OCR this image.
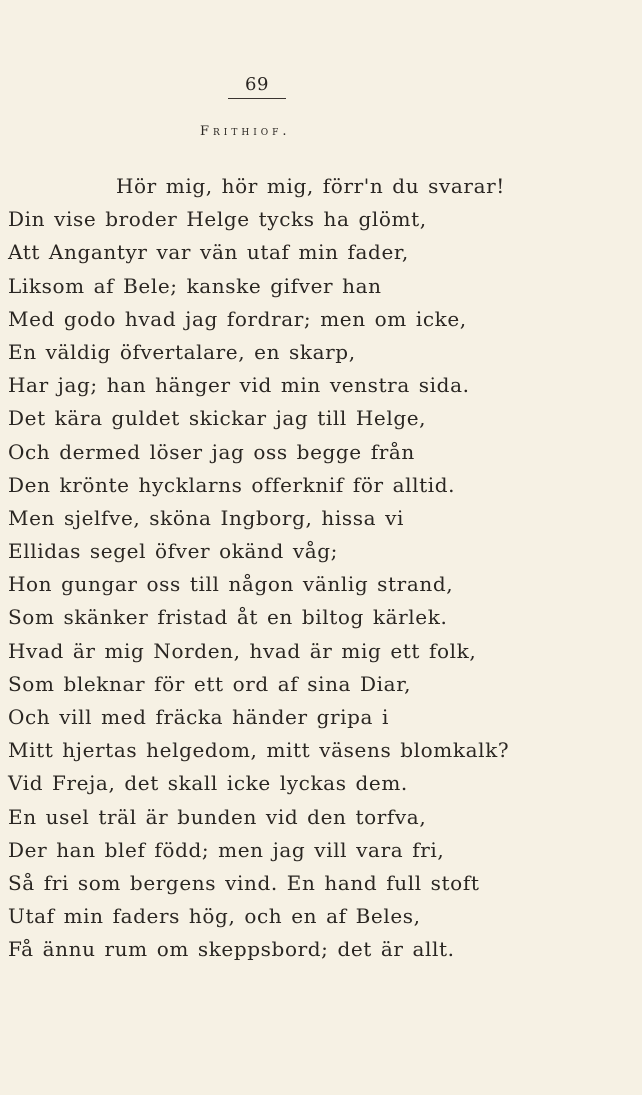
69
Frithiof.
Hör mig, hör mig, förr'n du svarar!
Din vise broder Helge tycks ha glömt,
Att Angantyr var vän utaf min fader,
Liksom af Bele; kanske gifver han
Med godo hvad jag fordrar; men om icke,
En väldig öfvertalare, en skarp,
Har jag; han hänger vid min venstra sida.
Det kära guldet skickar jag till Helge,
Och dermed löser jag oss begge från
Den krönte hycklarns offerknif för alltid.
Men sjelfve, sköna Ingborg, hissa vi
Ellidas segel öfver okänd våg;
Hon gungar oss till någon vänlig strand,
Som skänker fristad åt en biltog kärlek.
Hvad är mig Norden, hvad är mig ett folk,
Som bleknar för ett ord af sina Diar,
Och vill med fräcka händer gripa i
Mitt hjertas helgedom, mitt väsens blomkalk?
Vid Freja, det skall icke lyckas dem.
En usel träl är bunden vid den torfva,
Der han blef född; men jag vill vara fri,
Så fri som bergens vind. En hand full stoft
Utaf min faders hög, och en af Beles,
Få ännu rum om skeppsbord; det är allt.
